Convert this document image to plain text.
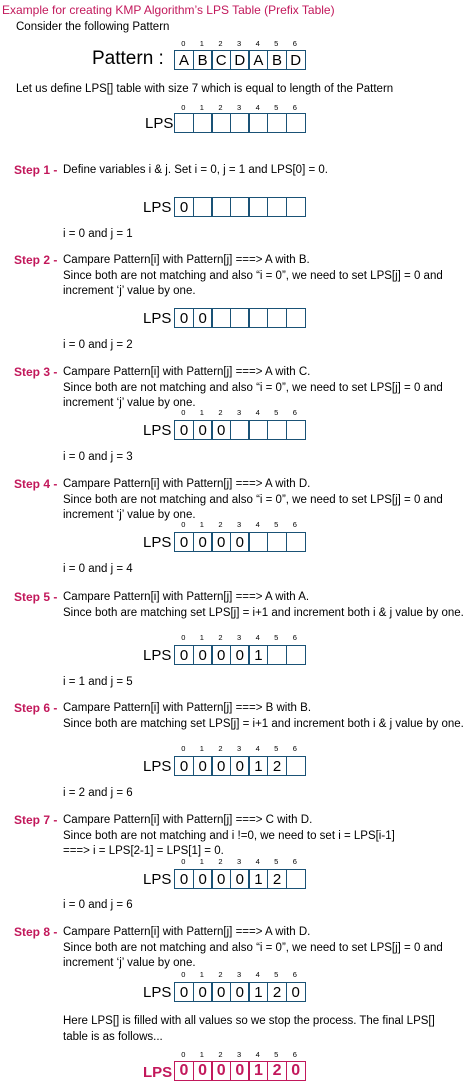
Example for creating KMP Algorithm’s LPS Table (Prefix Table)
Consider the following Pattern
Pattern :
0	1	2	3	4	5	6
A B C D A B D
Let us define LPS[] table with size 7 which is equal to length of the Pattern
0	1	2	3	4	5	6
LPS
Step 1 - Define variables i & j. Set i = 0, j = 1 and LPS[0] = 0.
LPS 0
i = 0 and j = 1
Step 2 - Campare Pattern[i] with Pattern[j] ===> A with B.
Since both are not matching and also “i = 0”, we need to set LPS[j] = 0 and
increment ‘j’ value by one.
LPS 0 0
i = 0 and j = 2
Step 3 - Campare Pattern[i] with Pattern[j] ===> A with C.
Since both are not matching and also “i = 0”, we need to set LPS[j] = 0 and
increment ‘j’ value by one.
0	1	2	3	4	5	6
LPS 0 0 0
i = 0 and j = 3
Step 4 - Campare Pattern[i] with Pattern[j] ===> A with D.
Since both are not matching and also “i = 0”, we need to set LPS[j] = 0 and
increment ‘j’ value by one.
0	1	2	3	4	5	6
LPS 0 0 0 0
i = 0 and j = 4
Step 5 - Campare Pattern[i] with Pattern[j] ===> A with A.
Since both are matching set LPS[j] = i+1 and increment both i & j value by one.
0	1	2	3	4	5	6
LPS 0 0 0 0 1
i = 1 and j = 5
Step 6 - Campare Pattern[i] with Pattern[j] ===> B with B.
Since both are matching set LPS[j] = i+1 and increment both i & j value by one.
0	1	2	3	4	5	6
LPS 0 0 0 0 1 2
i = 2 and j = 6
Step 7 - Campare Pattern[i] with Pattern[j] ===> C with D.
Since both are not matching and i !=0, we need to set i = LPS[i-1]
===> i = LPS[2-1] = LPS[1] = 0.
0	1	2	3	4	5	6
LPS 0 0 0 0 1 2
i = 0 and j = 6
Step 8 - Campare Pattern[i] with Pattern[j] ===> A with D.
Since both are not matching and also “i = 0”, we need to set LPS[j] = 0 and
increment ‘j’ value by one.
0	1	2	3	4	5	6
LPS 0 0 0 0 1 2 0
Here LPS[] is filled with all values so we stop the process. The final LPS[]
table is as follows...
0	1	2	3	4	5	6
LPS 0 0 0 0 1 2 0
